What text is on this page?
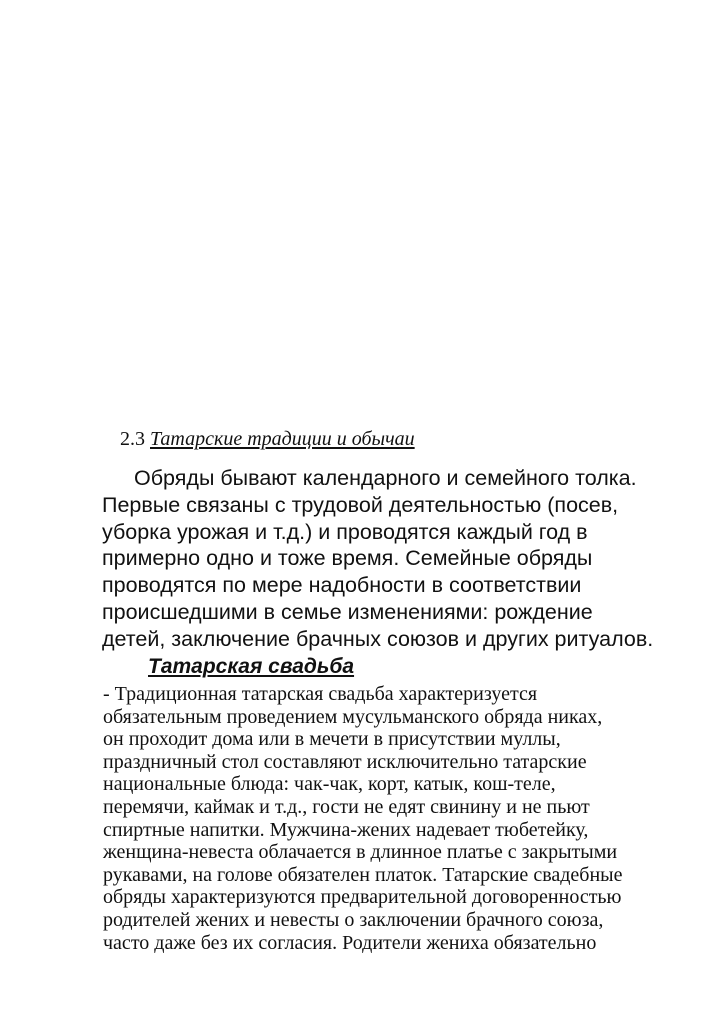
2.3 Татарские традиции и обычаи
Обряды бывают календарного и семейного толка.
Первые связаны с трудовой деятельностью (посев,
уборка урожая и т.д.) и проводятся каждый год в
примерно одно и тоже время. Семейные обряды
проводятся по мере надобности в соответствии
происшедшими в семье изменениями: рождение
детей, заключение брачных союзов и других ритуалов.
Татарская свадьба
- Традиционная татарская свадьба характеризуется
обязательным проведением мусульманского обряда никах,
он проходит дома или в мечети в присутствии муллы,
праздничный стол составляют исключительно татарские
национальные блюда: чак-чак, корт, катык, кош-теле,
перемячи, каймак и т.д., гости не едят свинину и не пьют
спиртные напитки. Мужчина-жених надевает тюбетейку,
женщина-невеста облачается в длинное платье с закрытыми
рукавами, на голове обязателен платок. Татарские свадебные
обряды характеризуются предварительной договоренностью
родителей жених и невесты о заключении брачного союза,
часто даже без их согласия. Родители жениха обязательно
